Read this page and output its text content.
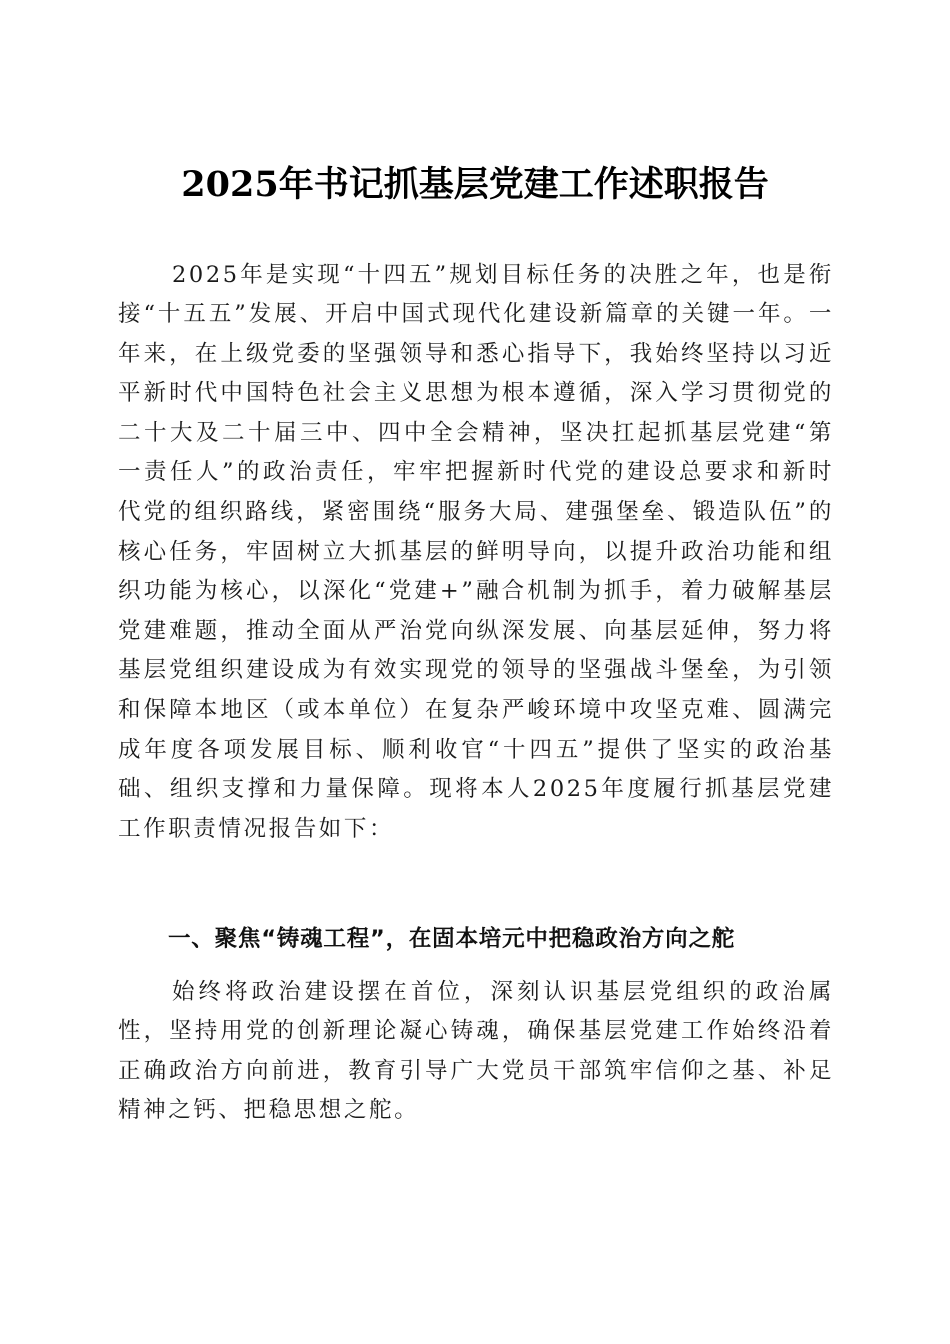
2025年书记抓基层党建工作述职报告

2025年是实现“十四五”规划目标任务的决胜之年，也是衔接“十五五”发展、开启中国式现代化建设新篇章的关键一年。一年来，在上级党委的坚强领导和悉心指导下，我始终坚持以习近平新时代中国特色社会主义思想为根本遵循，深入学习贯彻党的二十大及二十届三中、四中全会精神，坚决扛起抓基层党建“第一责任人”的政治责任，牢牢把握新时代党的建设总要求和新时代党的组织路线，紧密围绕“服务大局、建强堡垒、锻造队伍”的核心任务，牢固树立大抓基层的鲜明导向，以提升政治功能和组织功能为核心，以深化“党建+”融合机制为抓手，着力破解基层党建难题，推动全面从严治党向纵深发展、向基层延伸，努力将基层党组织建设成为有效实现党的领导的坚强战斗堡垒，为引领和保障本地区（或本单位）在复杂严峻环境中攻坚克难、圆满完成年度各项发展目标、顺利收官“十四五”提供了坚实的政治基础、组织支撑和力量保障。现将本人2025年度履行抓基层党建工作职责情况报告如下：

一、聚焦“铸魂工程”，在固本培元中把稳政治方向之舵

始终将政治建设摆在首位，深刻认识基层党组织的政治属性，坚持用党的创新理论凝心铸魂，确保基层党建工作始终沿着正确政治方向前进，教育引导广大党员干部筑牢信仰之基、补足精神之钙、把稳思想之舵。
